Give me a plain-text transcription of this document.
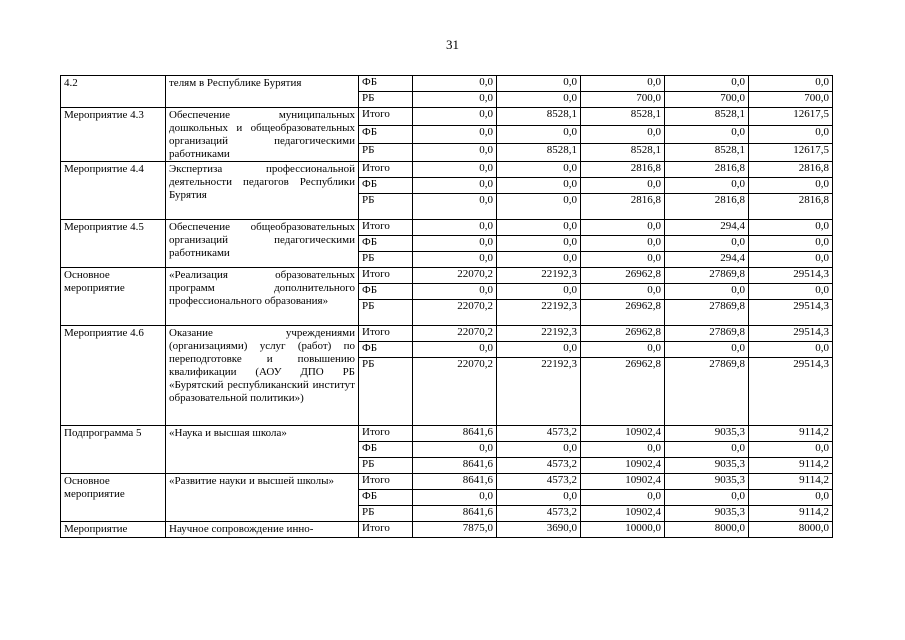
31
4.2	телям в Республике Бурятия	ФБ	0,0	0,0	0,0	0,0	0,0
		РБ	0,0	0,0	700,0	700,0	700,0
Мероприятие 4.3	Обеспечение муниципальных дошкольных и общеобразовательных организаций педагогическими работниками	Итого	0,0	8528,1	8528,1	8528,1	12617,5
		ФБ	0,0	0,0	0,0	0,0	0,0
		РБ	0,0	8528,1	8528,1	8528,1	12617,5
Мероприятие 4.4	Экспертиза профессиональной деятельности педагогов Республики Бурятия	Итого	0,0	0,0	2816,8	2816,8	2816,8
		ФБ	0,0	0,0	0,0	0,0	0,0
		РБ	0,0	0,0	2816,8	2816,8	2816,8
Мероприятие 4.5	Обеспечение общеобразовательных организаций педагогическими работниками	Итого	0,0	0,0	0,0	294,4	0,0
		ФБ	0,0	0,0	0,0	0,0	0,0
		РБ	0,0	0,0	0,0	294,4	0,0
Основное мероприятие	«Реализация образовательных программ дополнительного профессионального образования»	Итого	22070,2	22192,3	26962,8	27869,8	29514,3
		ФБ	0,0	0,0	0,0	0,0	0,0
		РБ	22070,2	22192,3	26962,8	27869,8	29514,3
Мероприятие 4.6	Оказание учреждениями (организациями) услуг (работ) по переподготовке и повышению квалификации (АОУ ДПО РБ «Бурятский республиканский институт образовательной политики»)	Итого	22070,2	22192,3	26962,8	27869,8	29514,3
		ФБ	0,0	0,0	0,0	0,0	0,0
		РБ	22070,2	22192,3	26962,8	27869,8	29514,3
Подпрограмма 5	«Наука и высшая школа»	Итого	8641,6	4573,2	10902,4	9035,3	9114,2
		ФБ	0,0	0,0	0,0	0,0	0,0
		РБ	8641,6	4573,2	10902,4	9035,3	9114,2
Основное мероприятие	«Развитие науки и высшей школы»	Итого	8641,6	4573,2	10902,4	9035,3	9114,2
		ФБ	0,0	0,0	0,0	0,0	0,0
		РБ	8641,6	4573,2	10902,4	9035,3	9114,2
Мероприятие	Научное сопровождение инно-	Итого	7875,0	3690,0	10000,0	8000,0	8000,0
